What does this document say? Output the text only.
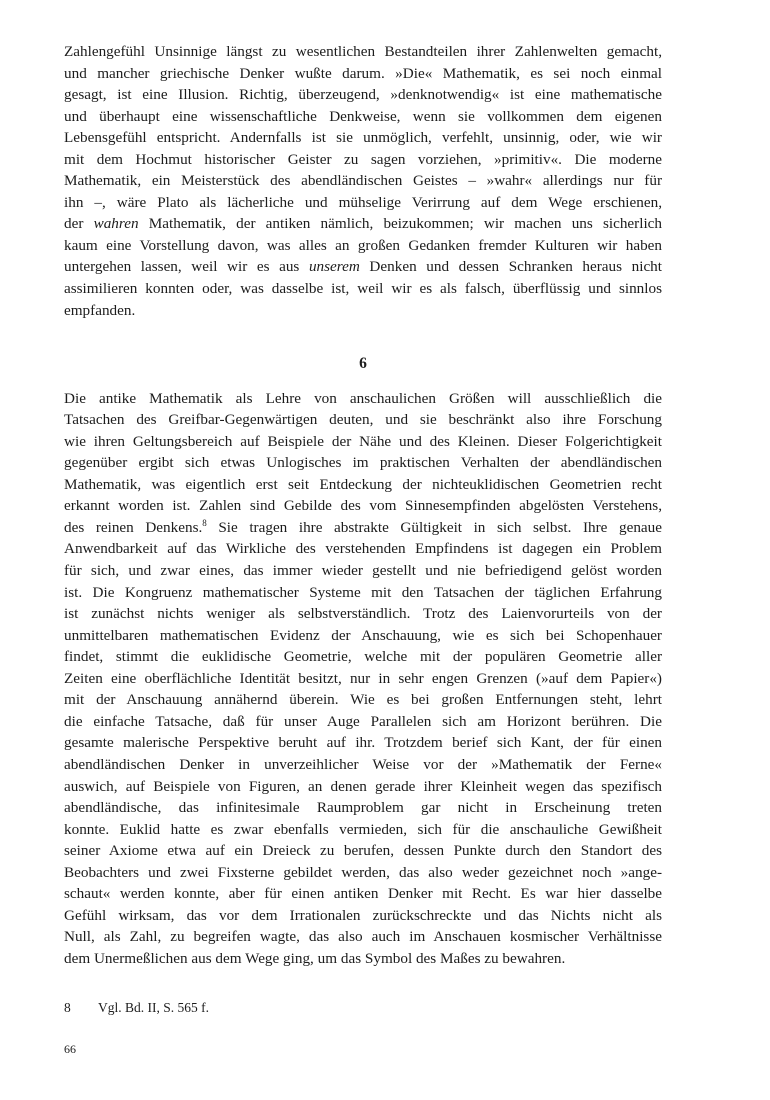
Zahlengefühl Unsinnige längst zu wesentlichen Bestandteilen ihrer Zahlenwelten gemacht,

und mancher griechische Denker wußte darum. »Die« Mathematik, es sei noch einmal

gesagt, ist eine Illusion. Richtig, überzeugend, »denknotwendig« ist eine mathematische

und überhaupt eine wissenschaftliche Denkweise, wenn sie vollkommen dem eigenen

Lebensgefühl entspricht. Andernfalls ist sie unmöglich, verfehlt, unsinnig, oder, wie wir

mit dem Hochmut historischer Geister zu sagen vorziehen, »primitiv«. Die moderne

Mathematik, ein Meisterstück des abendländischen Geistes – »wahr« allerdings nur für

ihn –, wäre Plato als lächerliche und mühselige Verirrung auf dem Wege erschienen,

der wahren Mathematik, der antiken nämlich, beizukommen; wir machen uns sicherlich

kaum eine Vorstellung davon, was alles an großen Gedanken fremder Kulturen wir haben

untergehen lassen, weil wir es aus unserem Denken und dessen Schranken heraus nicht

assimilieren konnten oder, was dasselbe ist, weil wir es als falsch, überflüssig und sinnlos

empfanden.

6

Die antike Mathematik als Lehre von anschaulichen Größen will ausschließlich die

Tatsachen des Greifbar-Gegenwärtigen deuten, und sie beschränkt also ihre Forschung

wie ihren Geltungsbereich auf Beispiele der Nähe und des Kleinen. Dieser Folgerichtigkeit

gegenüber ergibt sich etwas Unlogisches im praktischen Verhalten der abendländischen

Mathematik, was eigentlich erst seit Entdeckung der nichteuklidischen Geometrien recht

erkannt worden ist. Zahlen sind Gebilde des vom Sinnesempfinden abgelösten Verstehens,

des reinen Denkens.$^8$ Sie tragen ihre abstrakte Gültigkeit in sich selbst. Ihre genaue

Anwendbarkeit auf das Wirkliche des verstehenden Empfindens ist dagegen ein Problem

für sich, und zwar eines, das immer wieder gestellt und nie befriedigend gelöst worden

ist. Die Kongruenz mathematischer Systeme mit den Tatsachen der täglichen Erfahrung

ist zunächst nichts weniger als selbstverständlich. Trotz des Laienvorurteils von der

unmittelbaren mathematischen Evidenz der Anschauung, wie es sich bei Schopenhauer

findet, stimmt die euklidische Geometrie, welche mit der populären Geometrie aller

Zeiten eine oberflächliche Identität besitzt, nur in sehr engen Grenzen (»auf dem Papier«)

mit der Anschauung annähernd überein. Wie es bei großen Entfernungen steht, lehrt

die einfache Tatsache, daß für unser Auge Parallelen sich am Horizont berühren. Die

gesamte malerische Perspektive beruht auf ihr. Trotzdem berief sich Kant, der für einen

abendländischen Denker in unverzeihlicher Weise vor der »Mathematik der Ferne«

auswich, auf Beispiele von Figuren, an denen gerade ihrer Kleinheit wegen das spezifisch

abendländische, das infinitesimale Raumproblem gar nicht in Erscheinung treten

konnte. Euklid hatte es zwar ebenfalls vermieden, sich für die anschauliche Gewißheit

seiner Axiome etwa auf ein Dreieck zu berufen, dessen Punkte durch den Standort des

Beobachters und zwei Fixsterne gebildet werden, das also weder gezeichnet noch »ange-

schaut« werden konnte, aber für einen antiken Denker mit Recht. Es war hier dasselbe

Gefühl wirksam, das vor dem Irrationalen zurückschreckte und das Nichts nicht als

Null, als Zahl, zu begreifen wagte, das also auch im Anschauen kosmischer Verhältnisse

dem Unermeßlichen aus dem Wege ging, um das Symbol des Maßes zu bewahren.

8 Vgl. Bd. II, S. 565 f.
66
